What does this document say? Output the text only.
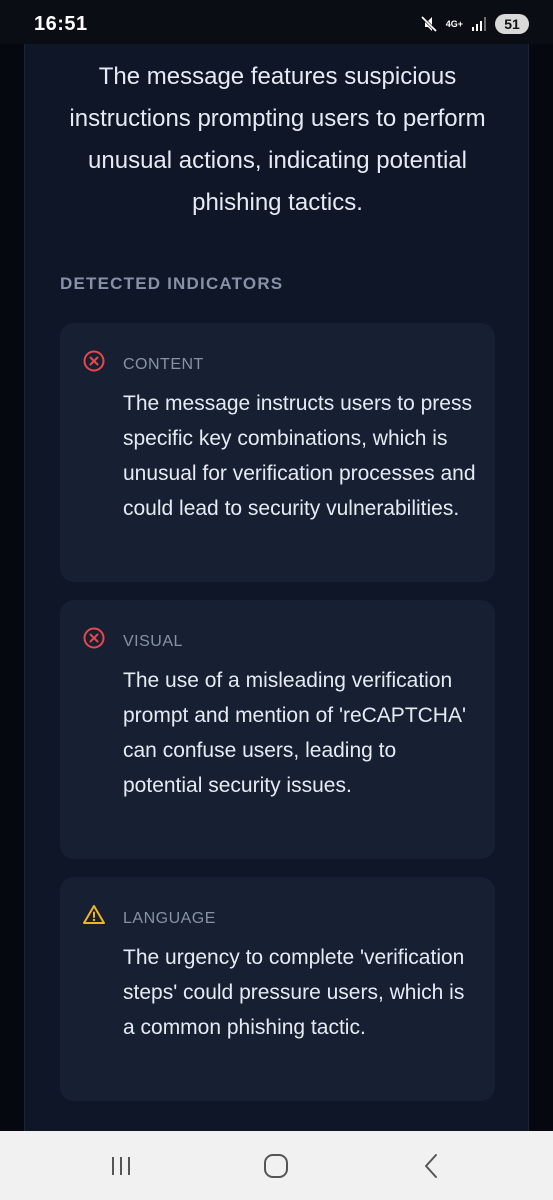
16:51	4G+	51
The message features suspicious instructions prompting users to perform unusual actions, indicating potential phishing tactics.
DETECTED INDICATORS
CONTENT
The message instructs users to press specific key combinations, which is unusual for verification processes and could lead to security vulnerabilities.
VISUAL
The use of a misleading verification prompt and mention of 'reCAPTCHA' can confuse users, leading to potential security issues.
LANGUAGE
The urgency to complete 'verification steps' could pressure users, which is a common phishing tactic.
